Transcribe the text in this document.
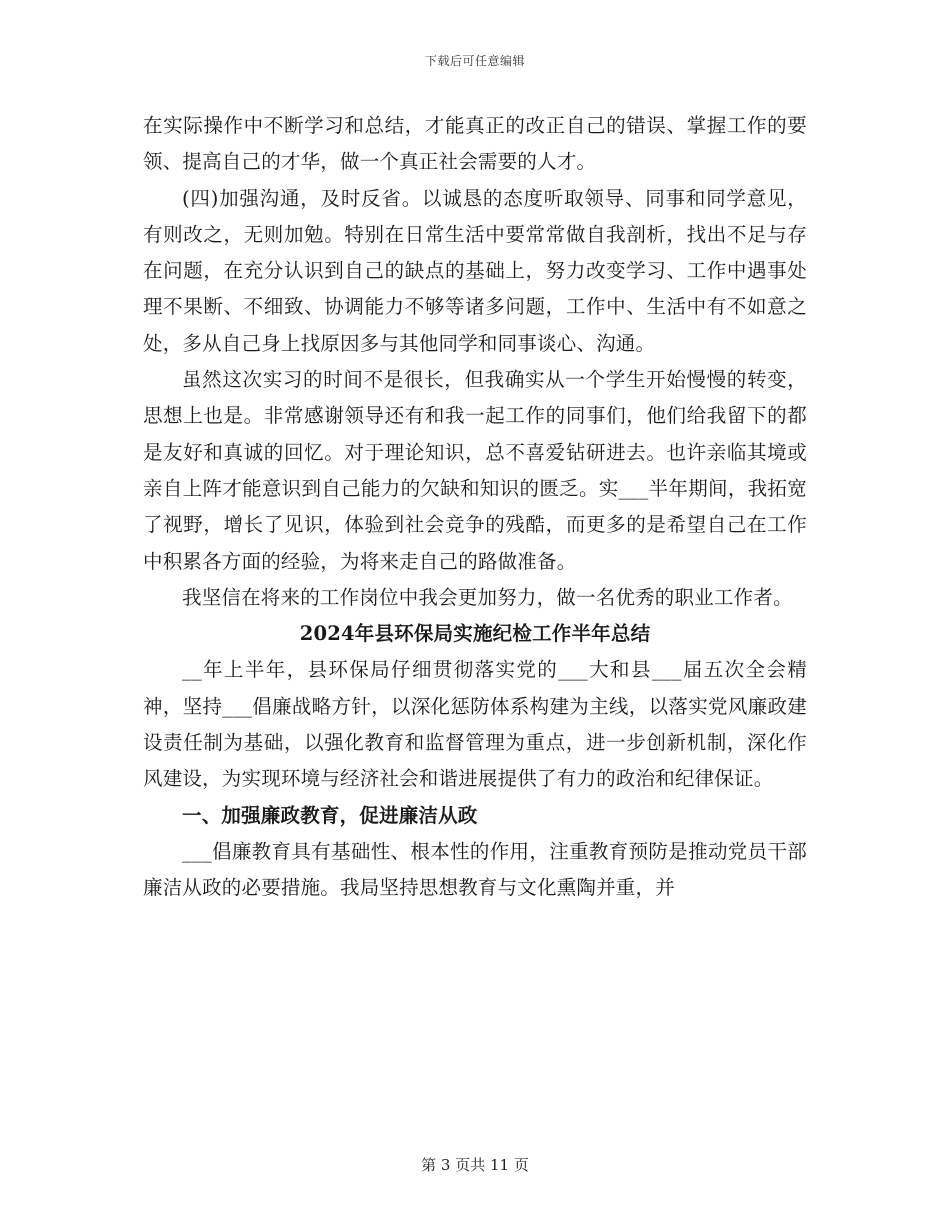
下载后可任意编辑

在实际操作中不断学习和总结，才能真正的改正自己的错误、掌握工作的要领、提高自己的才华，做一个真正社会需要的人才。

(四)加强沟通，及时反省。以诚恳的态度听取领导、同事和同学意见，有则改之，无则加勉。特别在日常生活中要常常做自我剖析，找出不足与存在问题，在充分认识到自己的缺点的基础上，努力改变学习、工作中遇事处理不果断、不细致、协调能力不够等诸多问题，工作中、生活中有不如意之处，多从自己身上找原因多与其他同学和同事谈心、沟通。

虽然这次实习的时间不是很长，但我确实从一个学生开始慢慢的转变，思想上也是。非常感谢领导还有和我一起工作的同事们，他们给我留下的都是友好和真诚的回忆。对于理论知识，总不喜爱钻研进去。也许亲临其境或亲自上阵才能意识到自己能力的欠缺和知识的匮乏。实___半年期间，我拓宽了视野，增长了见识，体验到社会竞争的残酷，而更多的是希望自己在工作中积累各方面的经验，为将来走自己的路做准备。

我坚信在将来的工作岗位中我会更加努力，做一名优秀的职业工作者。

2024年县环保局实施纪检工作半年总结

__年上半年，县环保局仔细贯彻落实党的___大和县___届五次全会精神，坚持___倡廉战略方针，以深化惩防体系构建为主线，以落实党风廉政建设责任制为基础，以强化教育和监督管理为重点，进一步创新机制，深化作风建设，为实现环境与经济社会和谐进展提供了有力的政治和纪律保证。

一、加强廉政教育，促进廉洁从政

___倡廉教育具有基础性、根本性的作用，注重教育预防是推动党员干部廉洁从政的必要措施。我局坚持思想教育与文化熏陶并重，并

第 3 页共 11 页
